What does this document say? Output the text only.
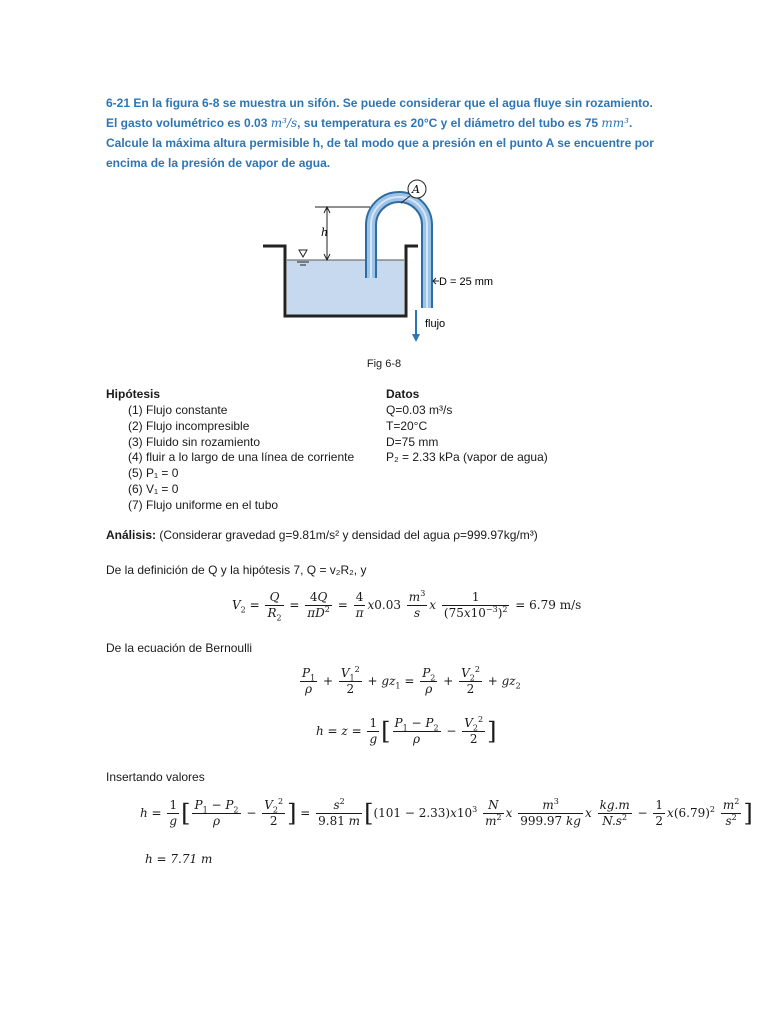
6-21 En la figura 6-8 se muestra un sifón. Se puede considerar que el agua fluye sin rozamiento. El gasto volumétrico es 0.03 m³/s, su temperatura es 20°C y el diámetro del tubo es 75 mm³. Calcule la máxima altura permisible h, de tal modo que a presión en el punto A se encuentre por encima de la presión de vapor de agua.
h
A
D = 25 mm
flujo
Fig 6-8
Hipótesis
(1) Flujo constante
(2) Flujo incompresible
(3) Fluido sin rozamiento
(4) fluir a lo largo de una línea de corriente
(5) P₁ = 0
(6) V₁ = 0
(7) Flujo uniforme en el tubo
Datos
Q=0.03 m³/s
T=20°C
D=75 mm
P₂ = 2.33 kPa (vapor de agua)
Análisis: (Considerar gravedad g=9.81m/s² y densidad del agua ρ=999.97kg/m³)
De la definición de Q y la hipótesis 7, Q = v₂R₂, y
$V_2 = \frac{Q}{R_2} = \frac{4Q}{\pi D^2} = \frac{4}{\pi} x0.03 \frac{m^3}{s}$ x $\frac{1}{(75x10^{-3})^2} = 6.79$ m/s
De la ecuación de Bernoulli
$\frac{P_1}{\rho} + \frac{V_1^2}{2} + gz_1 = \frac{P_2}{\rho} + \frac{V_2^2}{2} + gz_2$
$h = z = \frac{1}{g}$ [ $\frac{P_1 - P_2}{\rho} - \frac{V_2^2}{2}$ ]
Insertando valores
$h = \frac{1}{g}$ [ $\frac{P_1 - P_2}{\rho} - \frac{V_2^2}{2}$ ] = $\frac{s^2}{9.81 m} [(101 - 2.33)x10^3 \frac{N}{m^2}$ x $\frac{m^3}{999.97 kg}$ x $\frac{kg.m}{N.s^2} - \frac{1}{2} x(6.79)^2 \frac{m^2}{s^2}$ ]
h = 7.71 m
